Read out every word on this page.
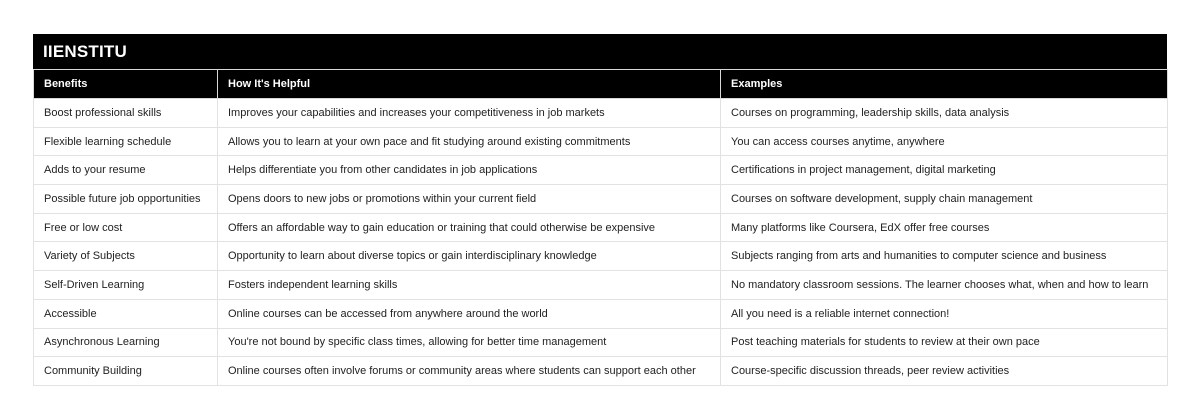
IIENSTITU
Benefits	How It's Helpful	Examples
Boost professional skills	Improves your capabilities and increases your competitiveness in job markets	Courses on programming, leadership skills, data analysis
Flexible learning schedule	Allows you to learn at your own pace and fit studying around existing commitments	You can access courses anytime, anywhere
Adds to your resume	Helps differentiate you from other candidates in job applications	Certifications in project management, digital marketing
Possible future job opportunities	Opens doors to new jobs or promotions within your current field	Courses on software development, supply chain management
Free or low cost	Offers an affordable way to gain education or training that could otherwise be expensive	Many platforms like Coursera, EdX offer free courses
Variety of Subjects	Opportunity to learn about diverse topics or gain interdisciplinary knowledge	Subjects ranging from arts and humanities to computer science and business
Self-Driven Learning	Fosters independent learning skills	No mandatory classroom sessions. The learner chooses what, when and how to learn
Accessible	Online courses can be accessed from anywhere around the world	All you need is a reliable internet connection!
Asynchronous Learning	You're not bound by specific class times, allowing for better time management	Post teaching materials for students to review at their own pace
Community Building	Online courses often involve forums or community areas where students can support each other	Course-specific discussion threads, peer review activities
